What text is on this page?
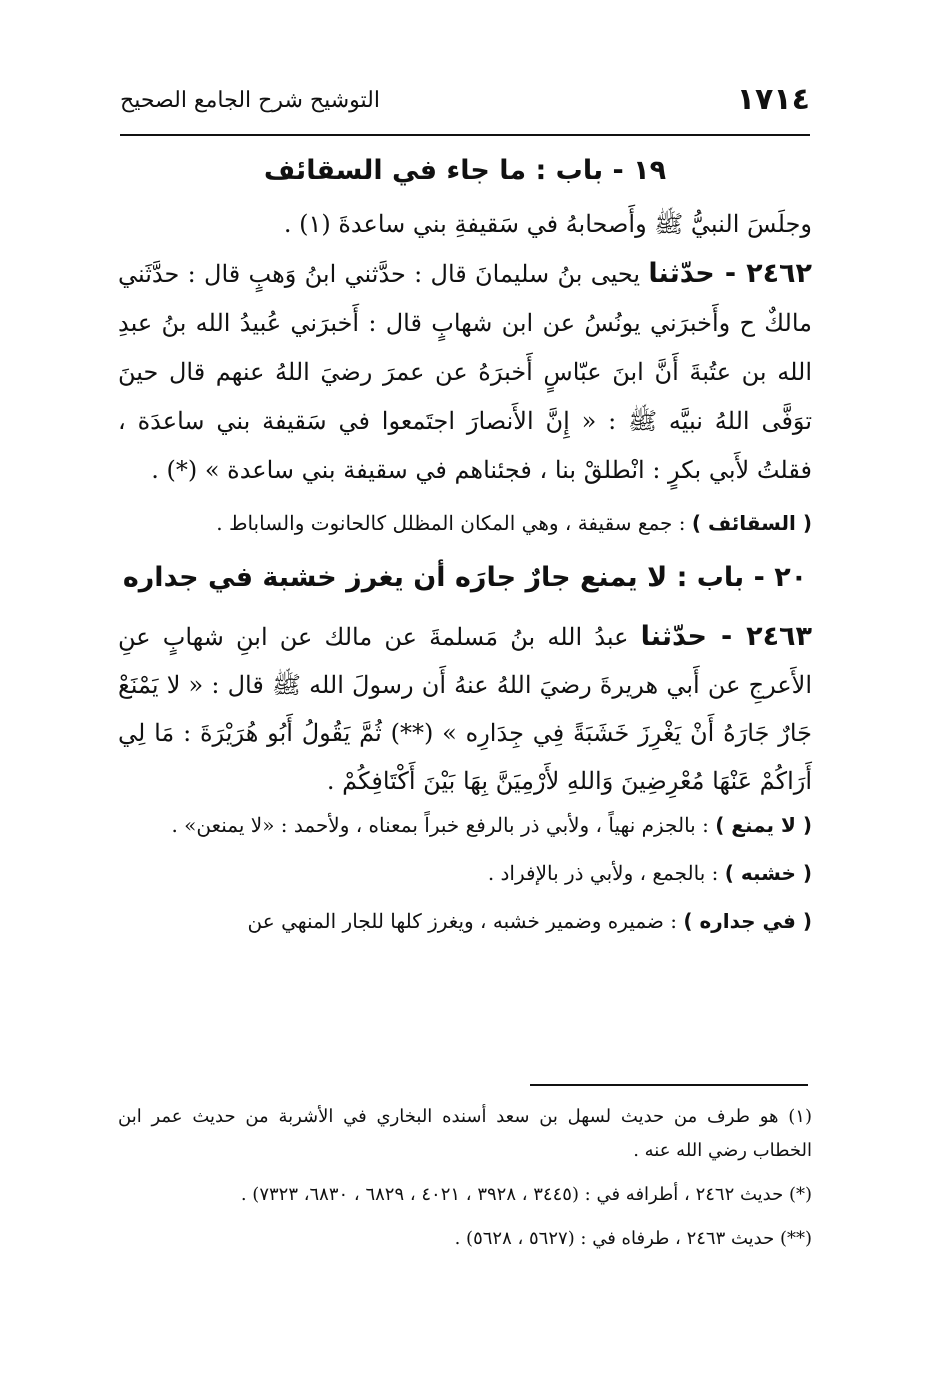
١٧١٤
التوشيح شرح الجامع الصحيح

١٩ - باب : ما جاء في السقائف

وجلَسَ النبيُّ ﷺ وأَصحابهُ في سَقيفةِ بني ساعدةَ (١) .

٢٤٦٢ - حدّثنا يحيى بنُ سليمانَ قال : حدَّثني ابنُ وَهبٍ قال : حدَّثَني مالكٌ ح وأَخبرَني يونُسُ عن ابن شهابٍ قال : أَخبرَني عُبيدُ الله بنُ عبدِ الله بن عتُبةَ أَنَّ ابنَ عبّاسٍ أَخبرَهُ عن عمرَ رضيَ اللهُ عنهم قال حينَ توَفَّى اللهُ نبيَّه ﷺ : « إِنَّ الأَنصارَ اجتَمعوا في سَقيفة بني ساعدَة ، فقلتُ لأَبي بكرٍ : انْطلقْ بنا ، فجئناهم في سقيفة بني ساعدة » (*) .

( السقائف ) : جمع سقيفة ، وهي المكان المظلل كالحانوت والساباط .

٢٠ - باب : لا يمنع جارٌ جارَه أن يغرز خشبة في جداره

٢٤٦٣ - حدّثنا عبدُ الله بنُ مَسلمةَ عن مالك عن ابنِ شهابٍ عنِ الأَعرجِ عن أَبي هريرةَ رضيَ اللهُ عنهُ أَن رسولَ الله ﷺ قال : « لا يَمْنَعْ جَارٌ جَارَهُ أَنْ يَغْرِزَ خَشَبَةً فِي جِدَارِه » (**) ثُمَّ يَقُولُ أَبُو هُرَيْرَةَ : مَا لِي أَرَاكُمْ عَنْهَا مُعْرِضِينَ وَاللهِ لأَرْمِيَنَّ بِهَا بَيْنَ أَكْتَافِكُمْ .

( لا يمنع ) : بالجزم نهياً ، ولأبي ذر بالرفع خبراً بمعناه ، ولأحمد : «لا يمنعن» .

( خشبه ) : بالجمع ، ولأبي ذر بالإفراد .

( في جداره ) : ضميره وضمير خشبه ، ويغرز كلها للجار المنهي عن

(١) هو طرف من حديث لسهل بن سعد أسنده البخاري في الأشربة من حديث عمر ابن الخطاب رضي الله عنه .

(*) حديث ٢٤٦٢ ، أطرافه في : (٣٤٤٥ ، ٣٩٢٨ ، ٤٠٢١ ، ٦٨٢٩ ، ٦٨٣٠، ٧٣٢٣) .

(**) حديث ٢٤٦٣ ، طرفاه في : (٥٦٢٧ ، ٥٦٢٨) .
